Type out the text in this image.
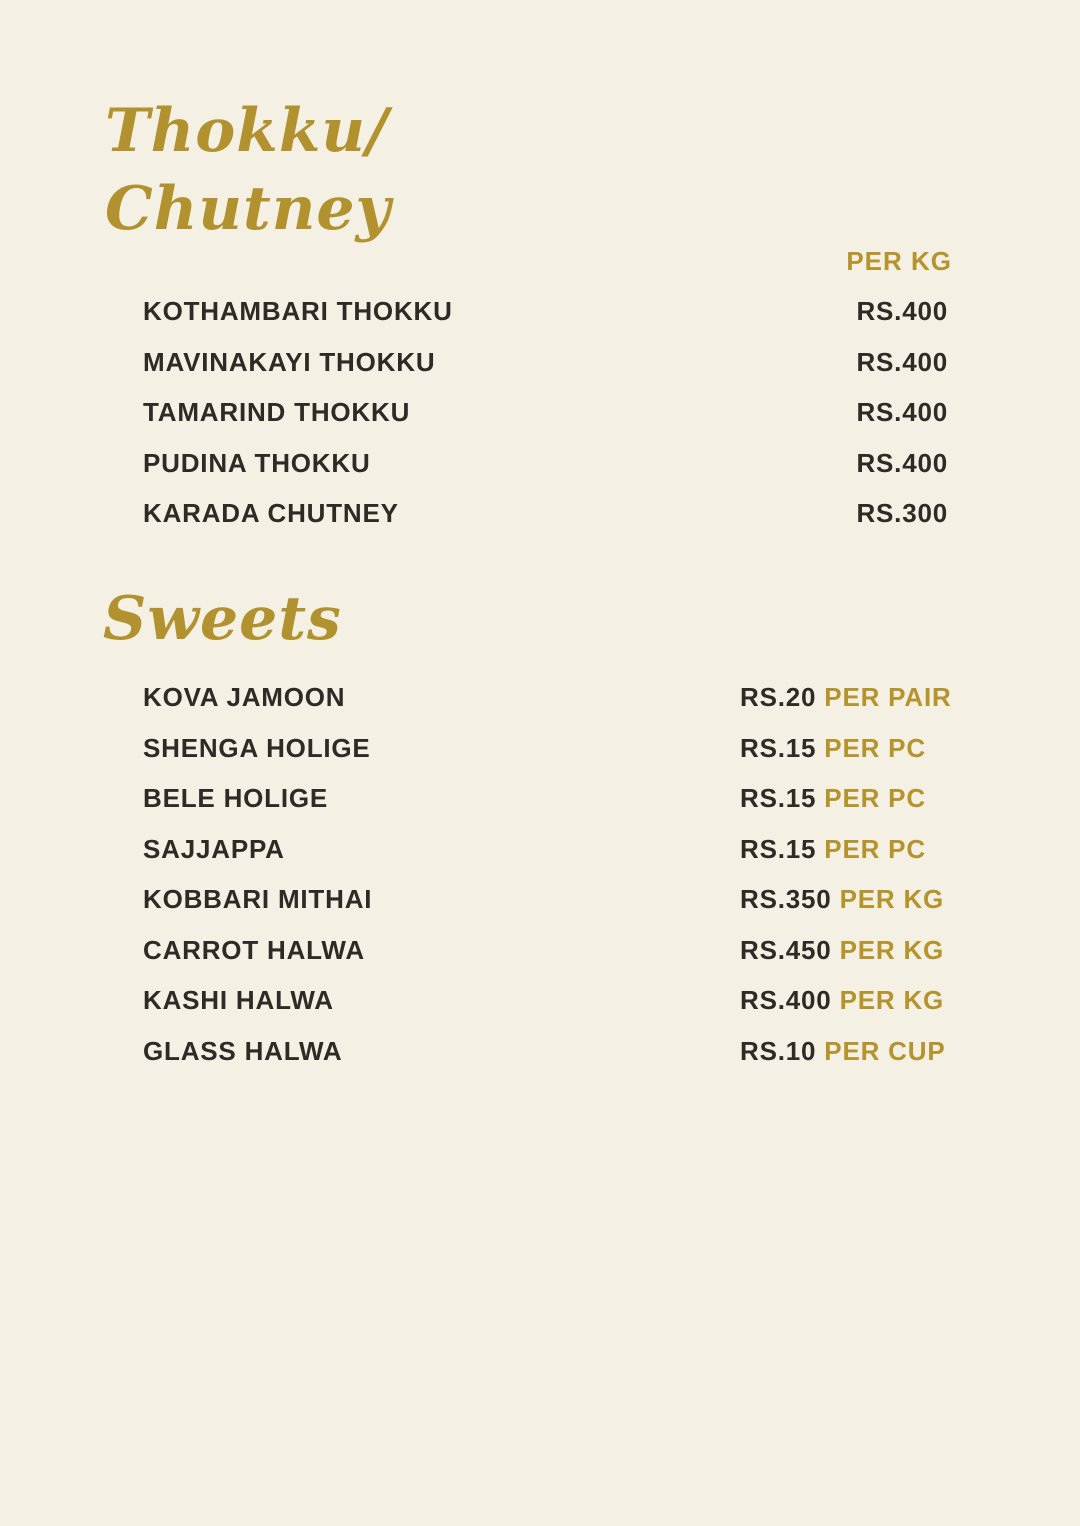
Thokku/
Chutney
PER KG
KOTHAMBARI THOKKU	RS.400
MAVINAKAYI THOKKU	RS.400
TAMARIND THOKKU	RS.400
PUDINA THOKKU	RS.400
KARADA CHUTNEY	RS.300
Sweets
KOVA JAMOON	RS.20 PER PAIR
SHENGA HOLIGE	RS.15 PER PC
BELE HOLIGE	RS.15 PER PC
SAJJAPPA	RS.15 PER PC
KOBBARI MITHAI	RS.350 PER KG
CARROT HALWA	RS.450 PER KG
KASHI HALWA	RS.400 PER KG
GLASS HALWA	RS.10 PER CUP
